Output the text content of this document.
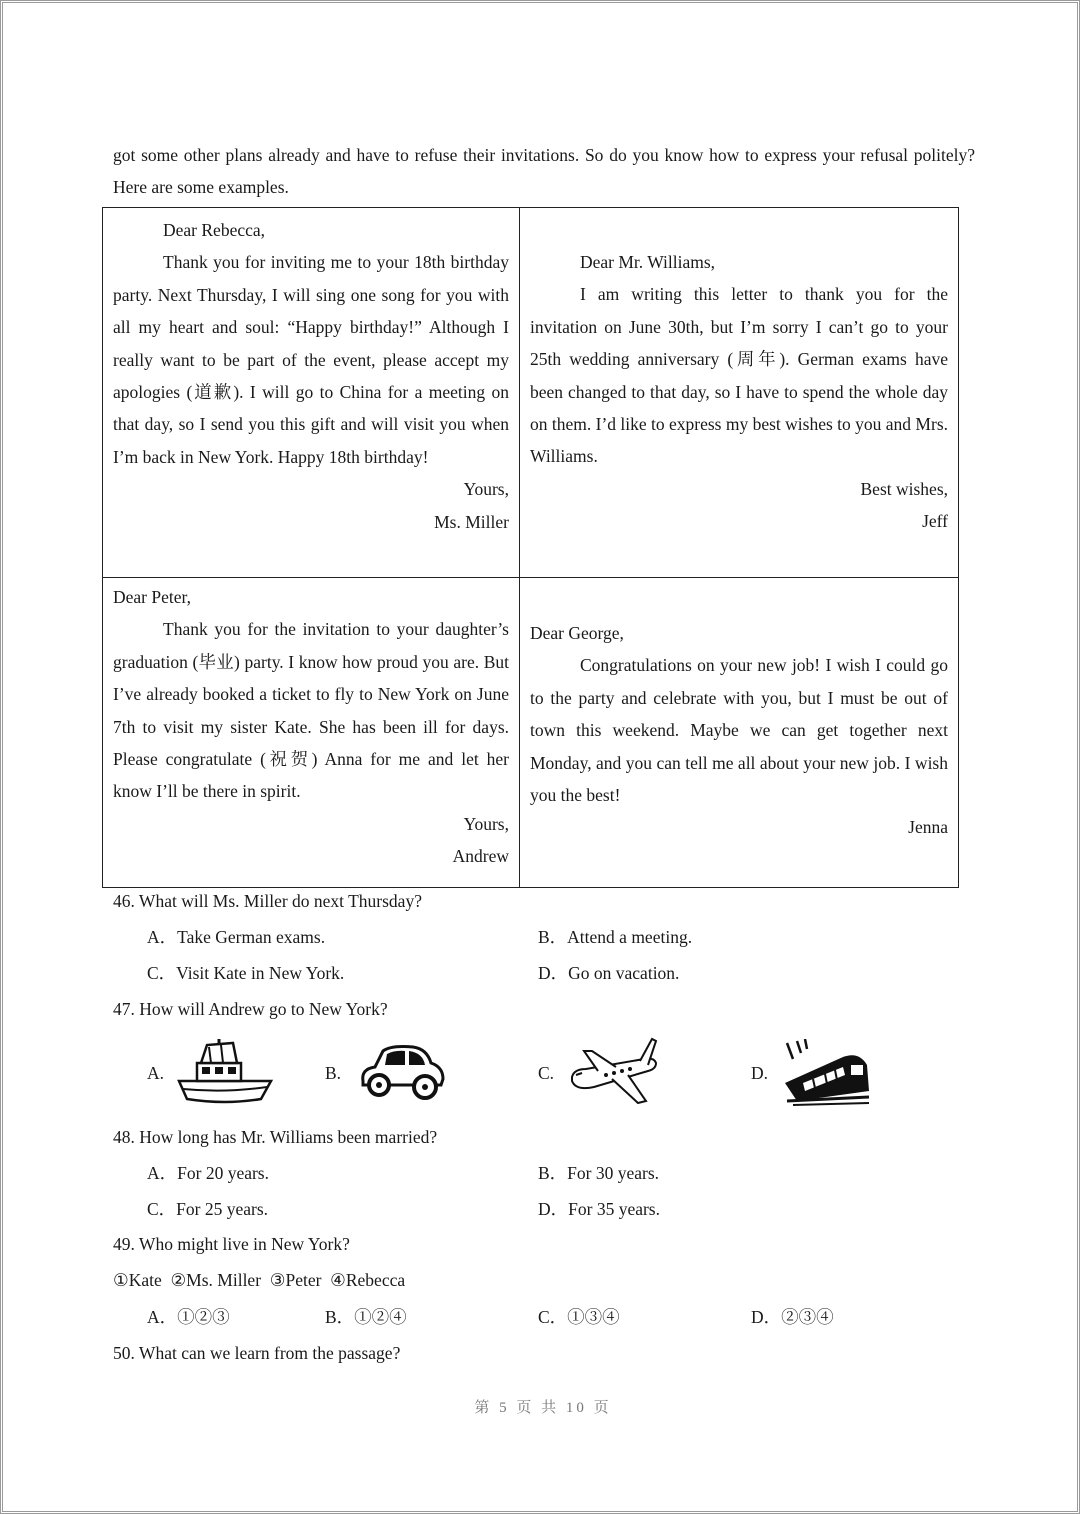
got some other plans already and have to refuse their invitations. So do you know how to express your refusal politely? Here are some examples.

Dear Rebecca,

Thank you for inviting me to your 18th birthday party. Next Thursday, I will sing one song for you with all my heart and soul: “Happy birthday!” Although I really want to be part of the event, please accept my apologies (道歉). I will go to China for a meeting on that day, so I send you this gift and will visit you when I’m back in New York. Happy 18th birthday!

Yours,

Ms. Miller

Dear Mr. Williams,

I am writing this letter to thank you for the invitation on June 30th, but I’m sorry I can’t go to your 25th wedding anniversary (周年). German exams have been changed to that day, so I have to spend the whole day on them. I’d like to express my best wishes to you and Mrs. Williams.

Best wishes,

Jeff

Dear Peter,

Thank you for the invitation to your daughter’s graduation (毕业) party. I know how proud you are. But I’ve already booked a ticket to fly to New York on June 7th to visit my sister Kate. She has been ill for days. Please congratulate (祝贺) Anna for me and let her know I’ll be there in spirit.

Yours,

Andrew

Dear George,

Congratulations on your new job! I wish I could go to the party and celebrate with you, but I must be out of town this weekend. Maybe we can get together next Monday, and you can tell me all about your new job. I wish you the best!

Jenna

46. What will Ms. Miller do next Thursday?
A．Take German exams.	B．Attend a meeting.
C．Visit Kate in New York.	D．Go on vacation.
47. How will Andrew go to New York?
A.	B.	C.	D.
48. How long has Mr. Williams been married?
A．For 20 years.	B．For 30 years.
C．For 25 years.	D．For 35 years.
49. Who might live in New York?
①Kate  ②Ms. Miller  ③Peter  ④Rebecca
A．①②③	B．①②④	C．①③④	D．②③④
50. What can we learn from the passage?
第 5 页 共 10 页
